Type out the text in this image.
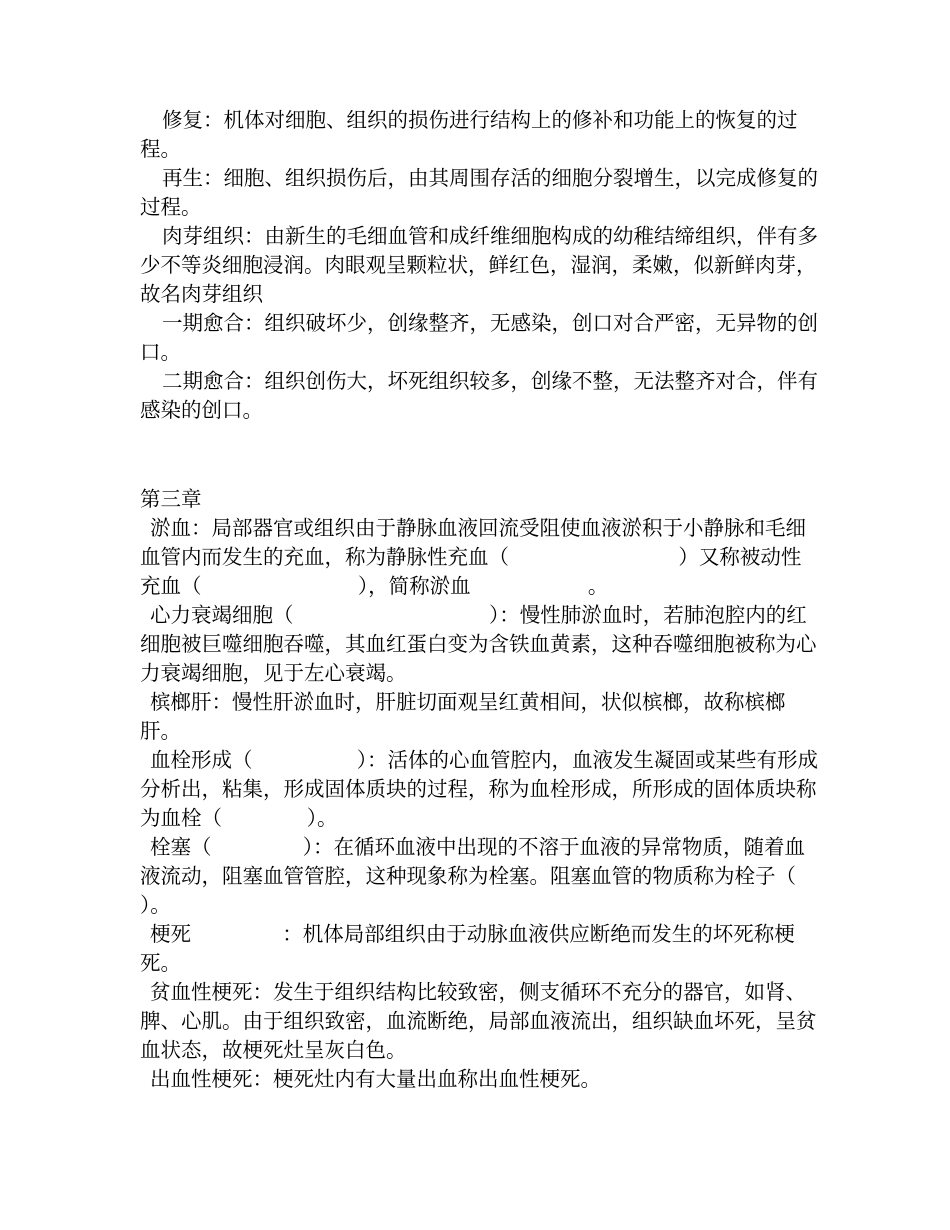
修复：机体对细胞、组织的损伤进行结构上的修补和功能上的恢复的过程。

再生：细胞、组织损伤后，由其周围存活的细胞分裂增生，以完成修复的过程。

肉芽组织：由新生的毛细血管和成纤维细胞构成的幼稚结缔组织，伴有多少不等炎细胞浸润。肉眼观呈颗粒状，鲜红色，湿润，柔嫩，似新鲜肉芽，故名肉芽组织

一期愈合：组织破坏少，创缘整齐，无感染，创口对合严密，无异物的创口。

二期愈合：组织创伤大，坏死组织较多，创缘不整，无法整齐对合，伴有感染的创口。

第三章

淤血：局部器官或组织由于静脉血液回流受阻使血液淤积于小静脉和毛细血管内而发生的充血，称为静脉性充血（                          ）又称被动性充血（                        ），简称淤血                  。

心力衰竭细胞（                              ）：慢性肺淤血时，若肺泡腔内的红细胞被巨噬细胞吞噬，其血红蛋白变为含铁血黄素，这种吞噬细胞被称为心力衰竭细胞，见于左心衰竭。

槟榔肝：慢性肝淤血时，肝脏切面观呈红黄相间，状似槟榔，故称槟榔肝。

血栓形成（                ）：活体的心血管腔内，血液发生凝固或某些有形成分析出，粘集，形成固体质块的过程，称为血栓形成，所形成的固体质块称为血栓（             ）。

栓塞（              ）：在循环血液中出现的不溶于血液的异常物质，随着血液流动，阻塞血管管腔，这种现象称为栓塞。阻塞血管的物质称为栓子（             ）。

梗死              ：机体局部组织由于动脉血液供应断绝而发生的坏死称梗死。

贫血性梗死：发生于组织结构比较致密，侧支循环不充分的器官，如肾、脾、心肌。由于组织致密，血流断绝，局部血液流出，组织缺血坏死，呈贫血状态，故梗死灶呈灰白色。

出血性梗死：梗死灶内有大量出血称出血性梗死。
